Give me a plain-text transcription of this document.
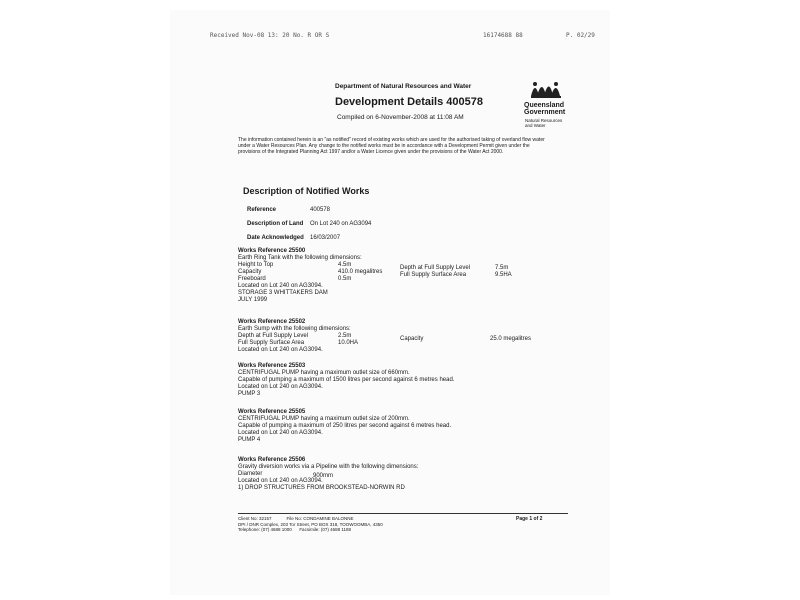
Received Nov-08 13: 20 No. R OR S	16174688 88	P. 02/29
Department of Natural Resources and Water
Development Details 400578
Compiled on 6-November-2008 at 11:08 AM
Queensland
Government
Natural Resources
and Water
The information contained herein is an "as notified" record of existing works which are used for the authorised taking of overland flow water under a Water Resources Plan. Any change to the notified works must be in accordance with a Development Permit given under the provisions of the Integrated Planning Act 1997 and/or a Water Licence given under the provisions of the Water Act 2000.
Description of Notified Works
Reference	400578
Description of Land On Lot 240 on AG3094
Date Acknowledged 16/03/2007
Works Reference 25500
Earth Ring Tank with the following dimensions:
Height to Top	4.5m	Depth at Full Supply Level	7.5m
Capacity	410.0 megalitres	Full Supply Surface Area	9.5HA
Freeboard	0.5m
Located on Lot 240 on AG3094.
STORAGE 3 WHITTAKERS DAM
JULY 1999
Works Reference 25502
Earth Sump with the following dimensions:
Depth at Full Supply Level	2.5m	Capacity	25.0 megalitres
Full Supply Surface Area	10.0HA
Located on Lot 240 on AG3094.
Works Reference 25503
CENTRIFUGAL PUMP having a maximum outlet size of 660mm.
Capable of pumping a maximum of 1500 litres per second against 6 metres head.
Located on Lot 240 on AG3094.
PUMP 3
Works Reference 25505
CENTRIFUGAL PUMP having a maximum outlet size of 200mm.
Capable of pumping a maximum of 250 litres per second against 6 metres head.
Located on Lot 240 on AG3094.
PUMP 4
Works Reference 25506
Gravity diversion works via a Pipeline with the following dimensions:
Diameter	900mm
Located on Lot 240 on AG3094.
1) DROP STRUCTURES FROM BROOKSTEAD-NORWIN RD
Client No: 32157	File No: CONDAMINE BALONNE
DPI / DNR Complex, 203 Tor Street, PO BOX 318, TOOWOOMBA, 4350
Telephone: (07) 4688 1000 Facsimile: (07) 4688 1188
Page 1 of 2
